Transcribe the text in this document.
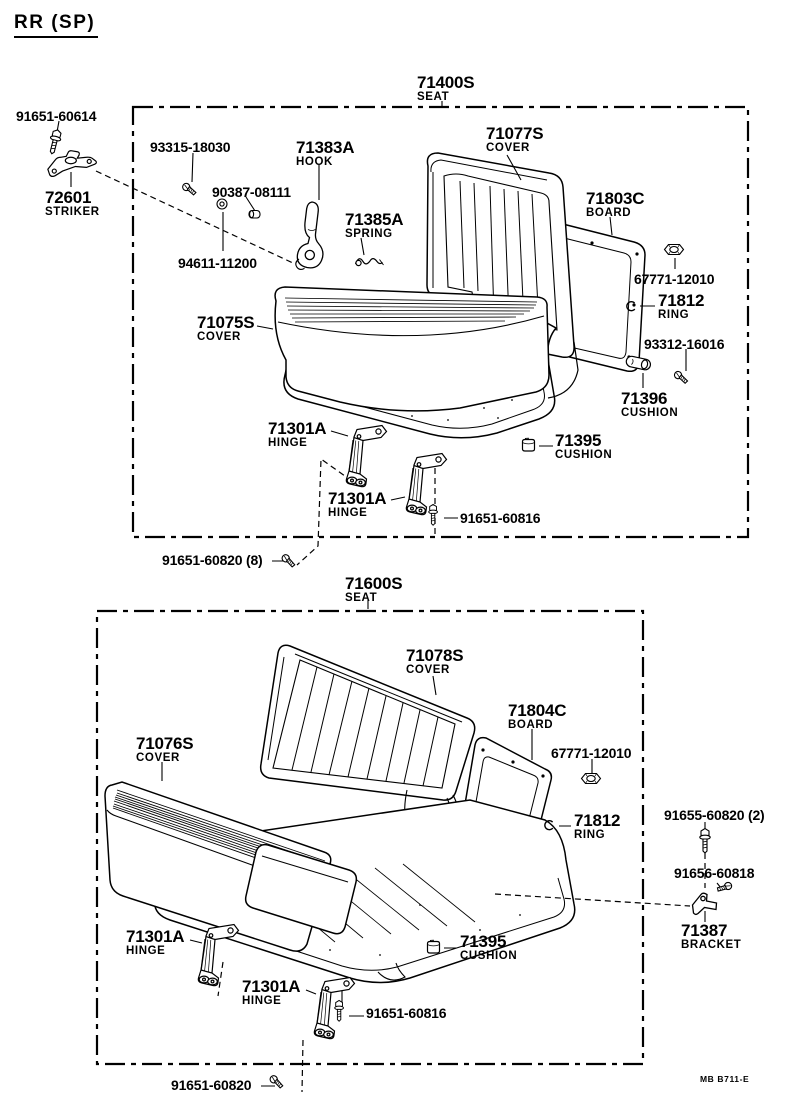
RR (SP)
91651-60614
72601
STRIKER
93315-18030
90387-08111
71383A
HOOK
71385A
SPRING
94611-11200
71400S
SEAT
71077S
COVER
71803C
BOARD
67771-12010
71812
RING
93312-16016
71396
CUSHION
71395
CUSHION
71075S
COVER
71301A
HINGE
71301A
HINGE	91651-60816
91651-60820 (8)
71600S
SEAT
71078S
COVER
71804C
BOARD
67771-12010
71076S
COVER
91655-60820 (2)
71812
RING
91656-60818
71387
BRACKET
71301A
HINGE	71395
CUSHION
71301A
HINGE
91651-60816
91651-60820	MB B711-E
